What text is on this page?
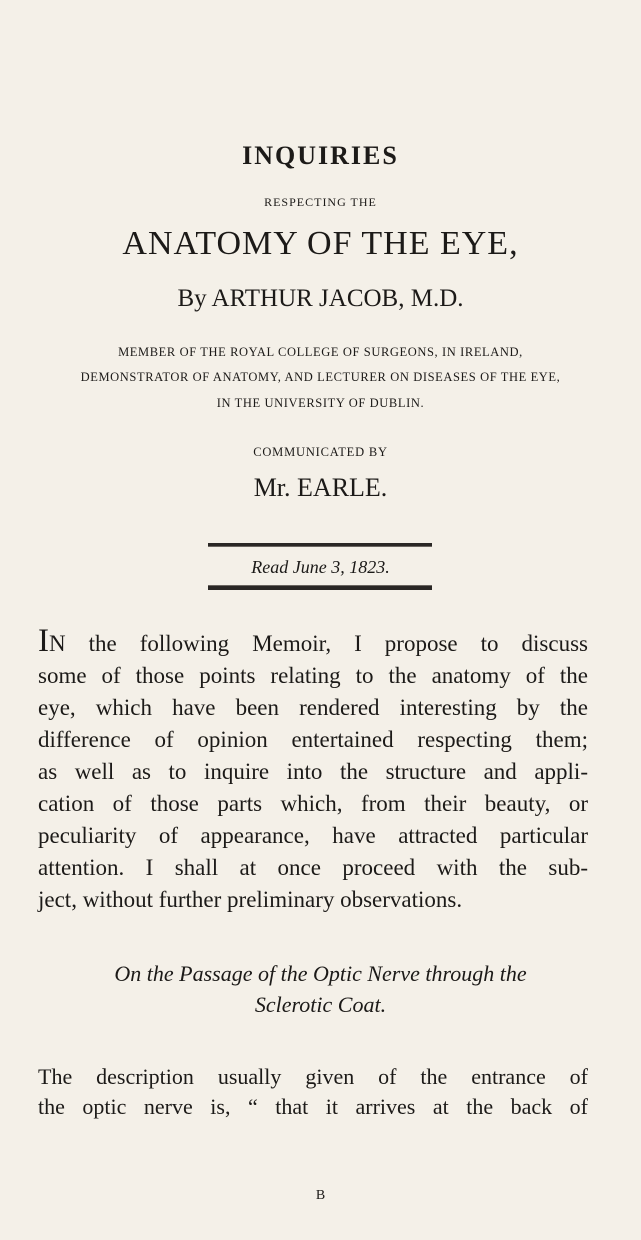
INQUIRIES
RESPECTING THE
ANATOMY OF THE EYE,
By ARTHUR JACOB, M.D.
MEMBER OF THE ROYAL COLLEGE OF SURGEONS, IN IRELAND,
DEMONSTRATOR OF ANATOMY, AND LECTURER ON DISEASES OF THE EYE,
IN THE UNIVERSITY OF DUBLIN.
COMMUNICATED BY
Mr. EARLE.
Read June 3, 1823.
IN the following Memoir, I propose to discuss
some of those points relating to the anatomy of the
eye, which have been rendered interesting by the
difference of opinion entertained respecting them;
as well as to inquire into the structure and appli-
cation of those parts which, from their beauty, or
peculiarity of appearance, have attracted particular
attention. I shall at once proceed with the sub-
ject, without further preliminary observations.
On the Passage of the Optic Nerve through the
Sclerotic Coat.
The description usually given of the entrance of
the optic nerve is, “ that it arrives at the back of
B
